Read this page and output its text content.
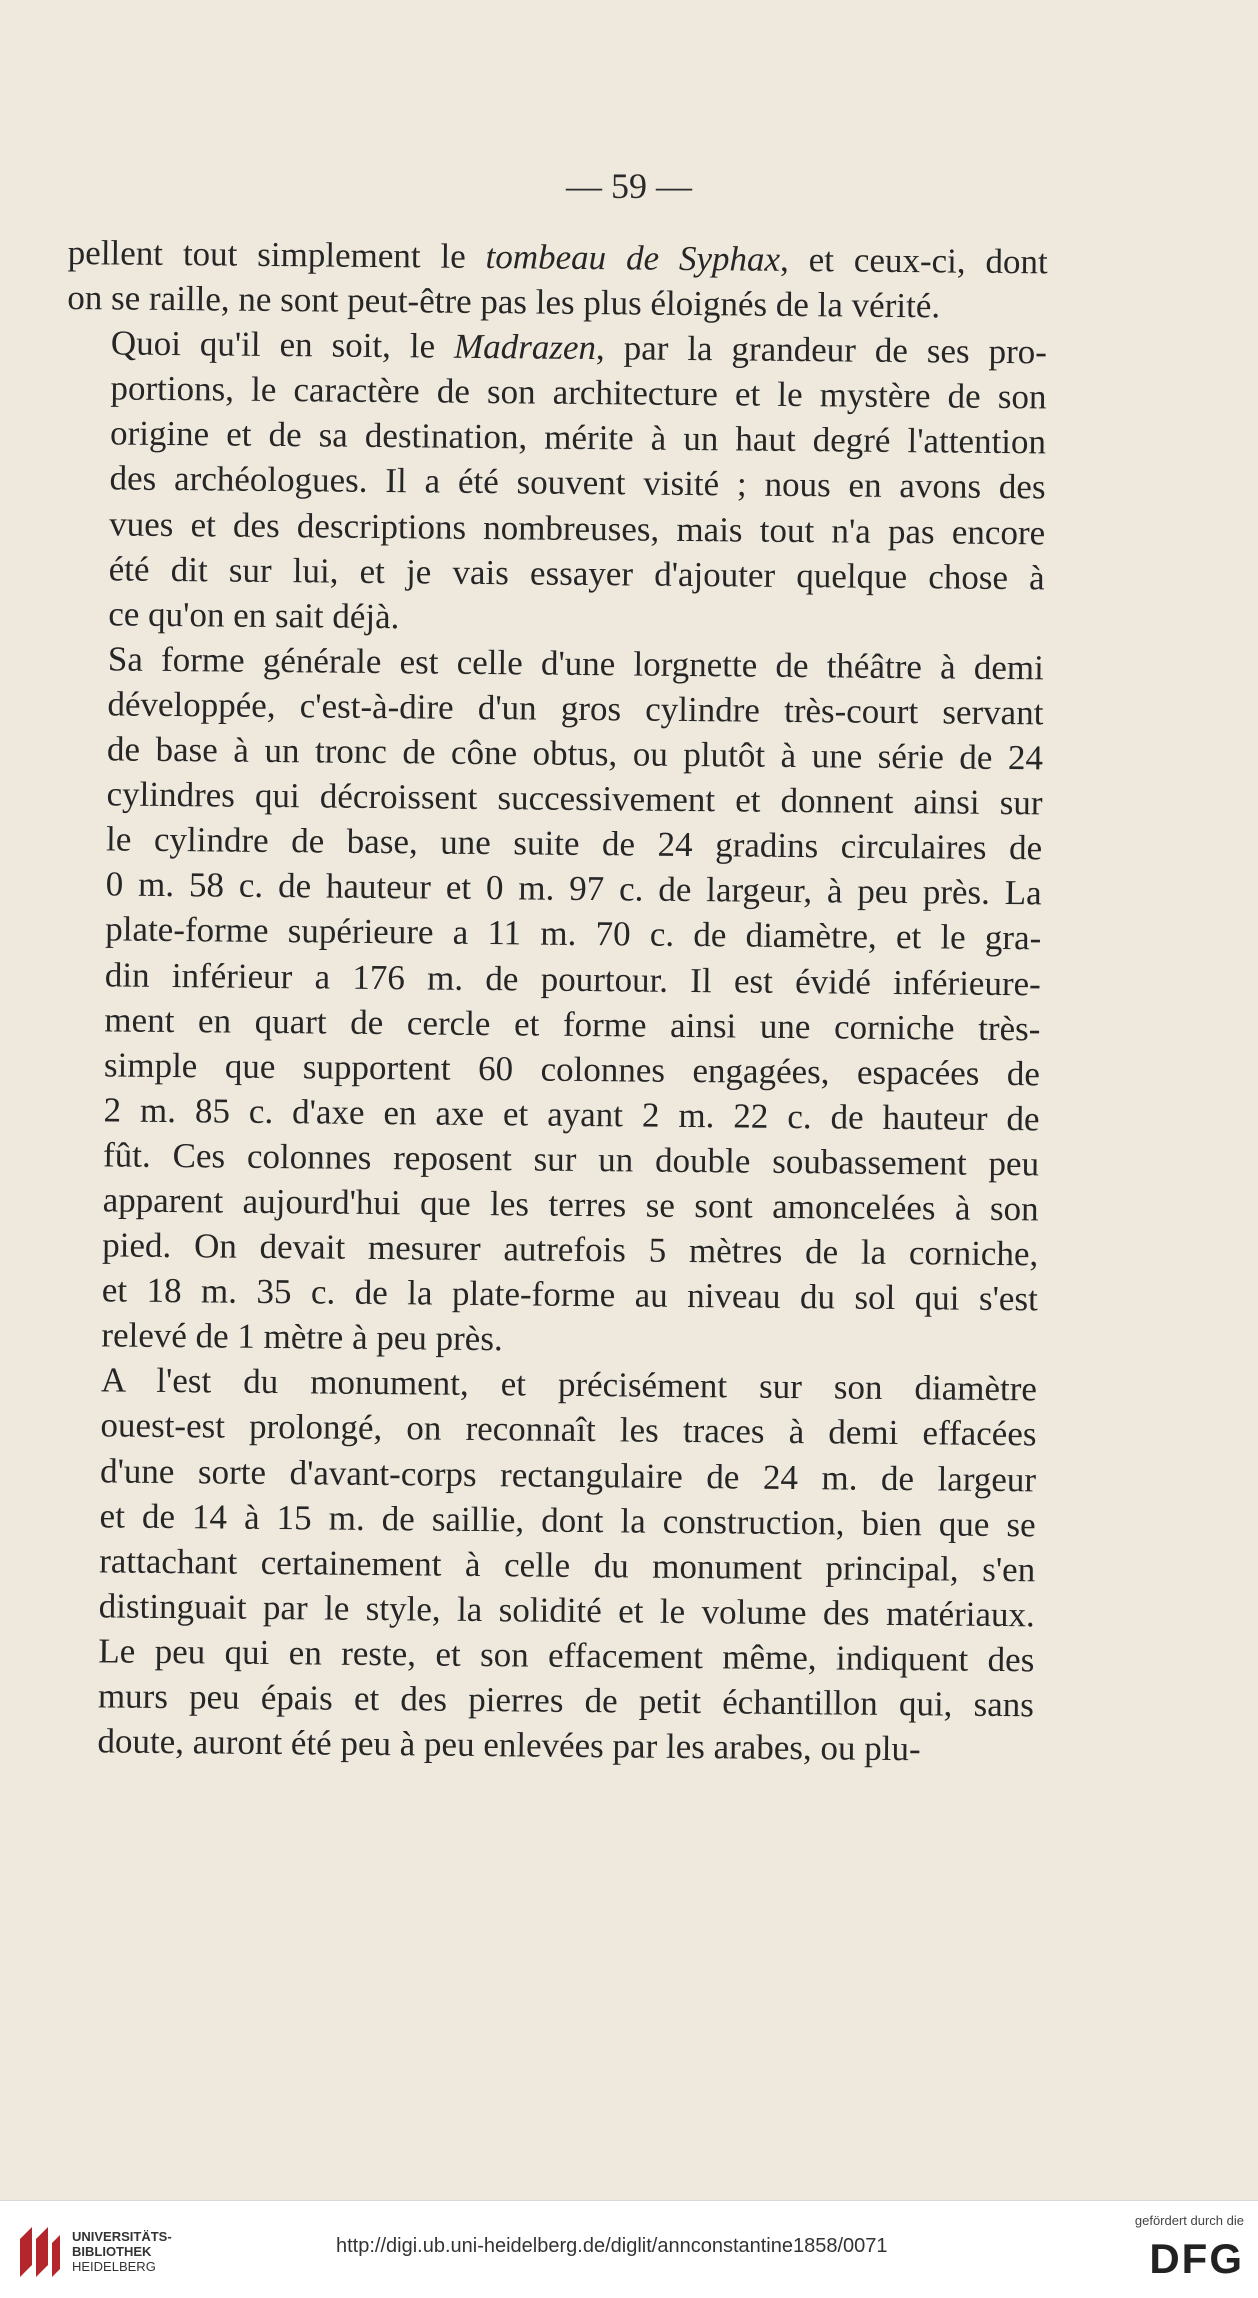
— 59 —

pellent tout simplement le tombeau de Syphax, et ceux-ci, dont
on se raille, ne sont peut-être pas les plus éloignés de la vérité.

Quoi qu'il en soit, le Madrazen, par la grandeur de ses pro-
portions, le caractère de son architecture et le mystère de son
origine et de sa destination, mérite à un haut degré l'attention
des archéologues. Il a été souvent visité ; nous en avons des
vues et des descriptions nombreuses, mais tout n'a pas encore
été dit sur lui, et je vais essayer d'ajouter quelque chose à
ce qu'on en sait déjà.

Sa forme générale est celle d'une lorgnette de théâtre à demi
développée, c'est-à-dire d'un gros cylindre très-court servant
de base à un tronc de cône obtus, ou plutôt à une série de 24
cylindres qui décroissent successivement et donnent ainsi sur
le cylindre de base, une suite de 24 gradins circulaires de
0 m. 58 c. de hauteur et 0 m. 97 c. de largeur, à peu près. La
plate-forme supérieure a 11 m. 70 c. de diamètre, et le gra-
din inférieur a 176 m. de pourtour. Il est évidé inférieure-
ment en quart de cercle et forme ainsi une corniche très-
simple que supportent 60 colonnes engagées, espacées de
2 m. 85 c. d'axe en axe et ayant 2 m. 22 c. de hauteur de
fût. Ces colonnes reposent sur un double soubassement peu
apparent aujourd'hui que les terres se sont amoncelées à son
pied. On devait mesurer autrefois 5 mètres de la corniche,
et 18 m. 35 c. de la plate-forme au niveau du sol qui s'est
relevé de 1 mètre à peu près.

A l'est du monument, et précisément sur son diamètre
ouest-est prolongé, on reconnaît les traces à demi effacées
d'une sorte d'avant-corps rectangulaire de 24 m. de largeur
et de 14 à 15 m. de saillie, dont la construction, bien que se
rattachant certainement à celle du monument principal, s'en
distinguait par le style, la solidité et le volume des matériaux.
Le peu qui en reste, et son effacement même, indiquent des
murs peu épais et des pierres de petit échantillon qui, sans
doute, auront été peu à peu enlevées par les arabes, ou plu-

UNIVERSITÄTS-
BIBLIOTHEK
HEIDELBERG
http://digi.ub.uni-heidelberg.de/diglit/annconstantine1858/0071
gefördert durch die
DFG
